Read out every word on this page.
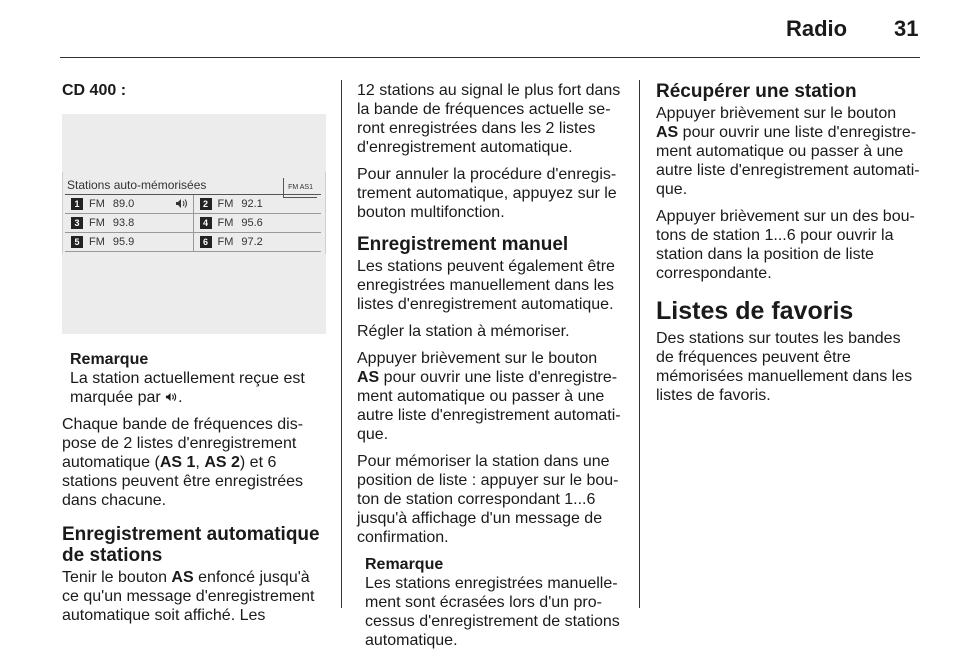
Radio 31
CD 400 :
Stations auto-mémorisées	FM AS1
1 FM 89.0	2 FM 92.1
3 FM 93.8	4 FM 95.6
5 FM 95.9	6 FM 97.2
Remarque
La station actuellement reçue est marquée par .

Chaque bande de fréquences dispose de 2 listes d'enregistrement automatique (AS 1, AS 2) et 6 stations peuvent être enregistrées dans chacune.

Enregistrement automatique de stations

Tenir le bouton AS enfoncé jusqu'à ce qu'un message d'enregistrement automatique soit affiché. Les

12 stations au signal le plus fort dans la bande de fréquences actuelle seront enregistrées dans les 2 listes d'enregistrement automatique.

Pour annuler la procédure d'enregistrement automatique, appuyez sur le bouton multifonction.

Enregistrement manuel

Les stations peuvent également être enregistrées manuellement dans les listes d'enregistrement automatique.

Régler la station à mémoriser.

Appuyer brièvement sur le bouton AS pour ouvrir une liste d'enregistrement automatique ou passer à une autre liste d'enregistrement automatique.

Pour mémoriser la station dans une position de liste : appuyer sur le bouton de station correspondant 1...6 jusqu'à affichage d'un message de confirmation.

Remarque
Les stations enregistrées manuellement sont écrasées lors d'un processus d'enregistrement de stations automatique.
Récupérer une station

Appuyer brièvement sur le bouton AS pour ouvrir une liste d'enregistrement automatique ou passer à une autre liste d'enregistrement automatique.

Appuyer brièvement sur un des boutons de station 1...6 pour ouvrir la station dans la position de liste correspondante.

Listes de favoris

Des stations sur toutes les bandes de fréquences peuvent être mémorisées manuellement dans les listes de favoris.
